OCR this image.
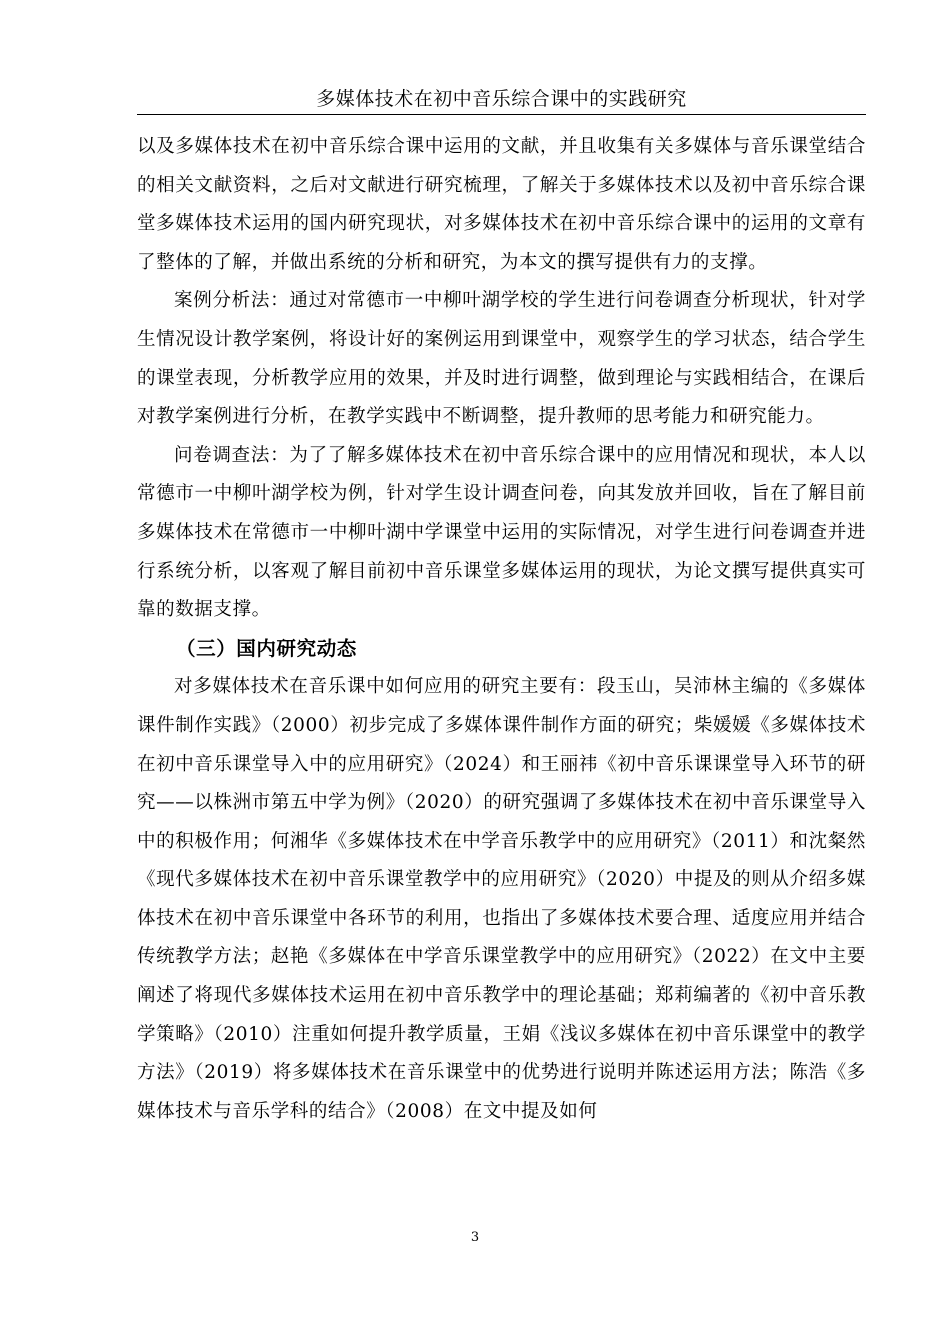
多媒体技术在初中音乐综合课中的实践研究

以及多媒体技术在初中音乐综合课中运用的文献，并且收集有关多媒体与音乐课堂结合的相关文献资料，之后对文献进行研究梳理，了解关于多媒体技术以及初中音乐综合课堂多媒体技术运用的国内研究现状，对多媒体技术在初中音乐综合课中的运用的文章有了整体的了解，并做出系统的分析和研究，为本文的撰写提供有力的支撑。

案例分析法：通过对常德市一中柳叶湖学校的学生进行问卷调查分析现状，针对学生情况设计教学案例，将设计好的案例运用到课堂中，观察学生的学习状态，结合学生的课堂表现，分析教学应用的效果，并及时进行调整，做到理论与实践相结合，在课后对教学案例进行分析，在教学实践中不断调整，提升教师的思考能力和研究能力。

问卷调查法：为了了解多媒体技术在初中音乐综合课中的应用情况和现状，本人以常德市一中柳叶湖学校为例，针对学生设计调查问卷，向其发放并回收，旨在了解目前多媒体技术在常德市一中柳叶湖中学课堂中运用的实际情况，对学生进行问卷调查并进行系统分析，以客观了解目前初中音乐课堂多媒体运用的现状，为论文撰写提供真实可靠的数据支撑。

（三）国内研究动态

对多媒体技术在音乐课中如何应用的研究主要有：段玉山，吴沛林主编的《多媒体课件制作实践》（2000）初步完成了多媒体课件制作方面的研究；柴媛媛《多媒体技术在初中音乐课堂导入中的应用研究》（2024）和王丽祎《初中音乐课课堂导入环节的研究——以株洲市第五中学为例》（2020）的研究强调了多媒体技术在初中音乐课堂导入中的积极作用；何湘华《多媒体技术在中学音乐教学中的应用研究》（2011）和沈粲然《现代多媒体技术在初中音乐课堂教学中的应用研究》（2020）中提及的则从介绍多媒体技术在初中音乐课堂中各环节的利用，也指出了多媒体技术要合理、适度应用并结合传统教学方法；赵艳《多媒体在中学音乐课堂教学中的应用研究》（2022）在文中主要阐述了将现代多媒体技术运用在初中音乐教学中的理论基础；郑莉编著的《初中音乐教学策略》（2010）注重如何提升教学质量，王娟《浅议多媒体在初中音乐课堂中的教学方法》（2019）将多媒体技术在音乐课堂中的优势进行说明并陈述运用方法；陈浩《多媒体技术与音乐学科的结合》（2008）在文中提及如何

3
